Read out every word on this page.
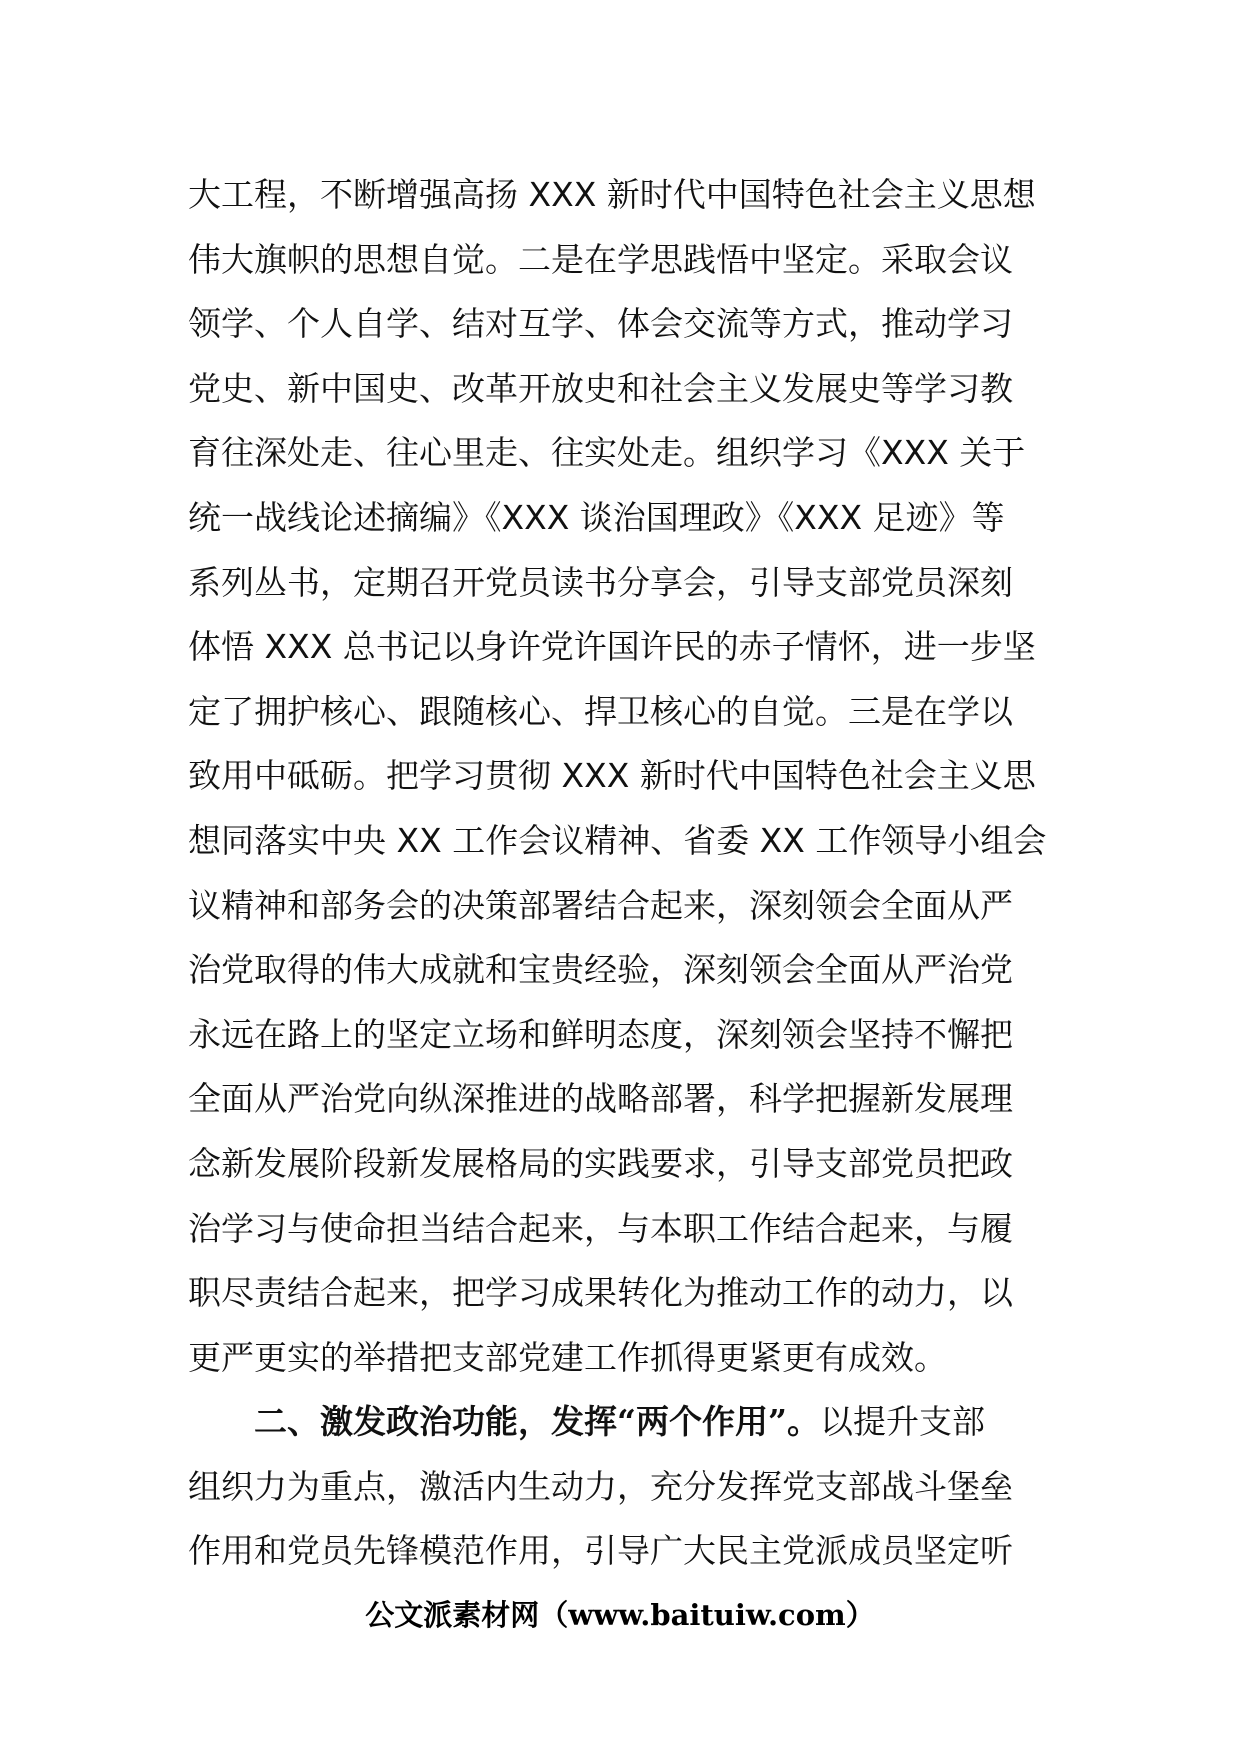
大工程，不断增强高扬 XXX 新时代中国特色社会主义思想
伟大旗帜的思想自觉。二是在学思践悟中坚定。采取会议
领学、个人自学、结对互学、体会交流等方式，推动学习
党史、新中国史、改革开放史和社会主义发展史等学习教
育往深处走、往心里走、往实处走。组织学习《XXX 关于
统一战线论述摘编》《XXX 谈治国理政》《XXX 足迹》等
系列丛书，定期召开党员读书分享会，引导支部党员深刻
体悟 XXX 总书记以身许党许国许民的赤子情怀，进一步坚
定了拥护核心、跟随核心、捍卫核心的自觉。三是在学以
致用中砥砺。把学习贯彻 XXX 新时代中国特色社会主义思
想同落实中央 XX 工作会议精神、省委 XX 工作领导小组会
议精神和部务会的决策部署结合起来，深刻领会全面从严
治党取得的伟大成就和宝贵经验，深刻领会全面从严治党
永远在路上的坚定立场和鲜明态度，深刻领会坚持不懈把
全面从严治党向纵深推进的战略部署，科学把握新发展理
念新发展阶段新发展格局的实践要求，引导支部党员把政
治学习与使命担当结合起来，与本职工作结合起来，与履
职尽责结合起来，把学习成果转化为推动工作的动力，以
更严更实的举措把支部党建工作抓得更紧更有成效。
二、激发政治功能，发挥“两个作用”。以提升支部
组织力为重点，激活内生动力，充分发挥党支部战斗堡垒
作用和党员先锋模范作用，引导广大民主党派成员坚定听
公文派素材网（www.baituiw.com）
